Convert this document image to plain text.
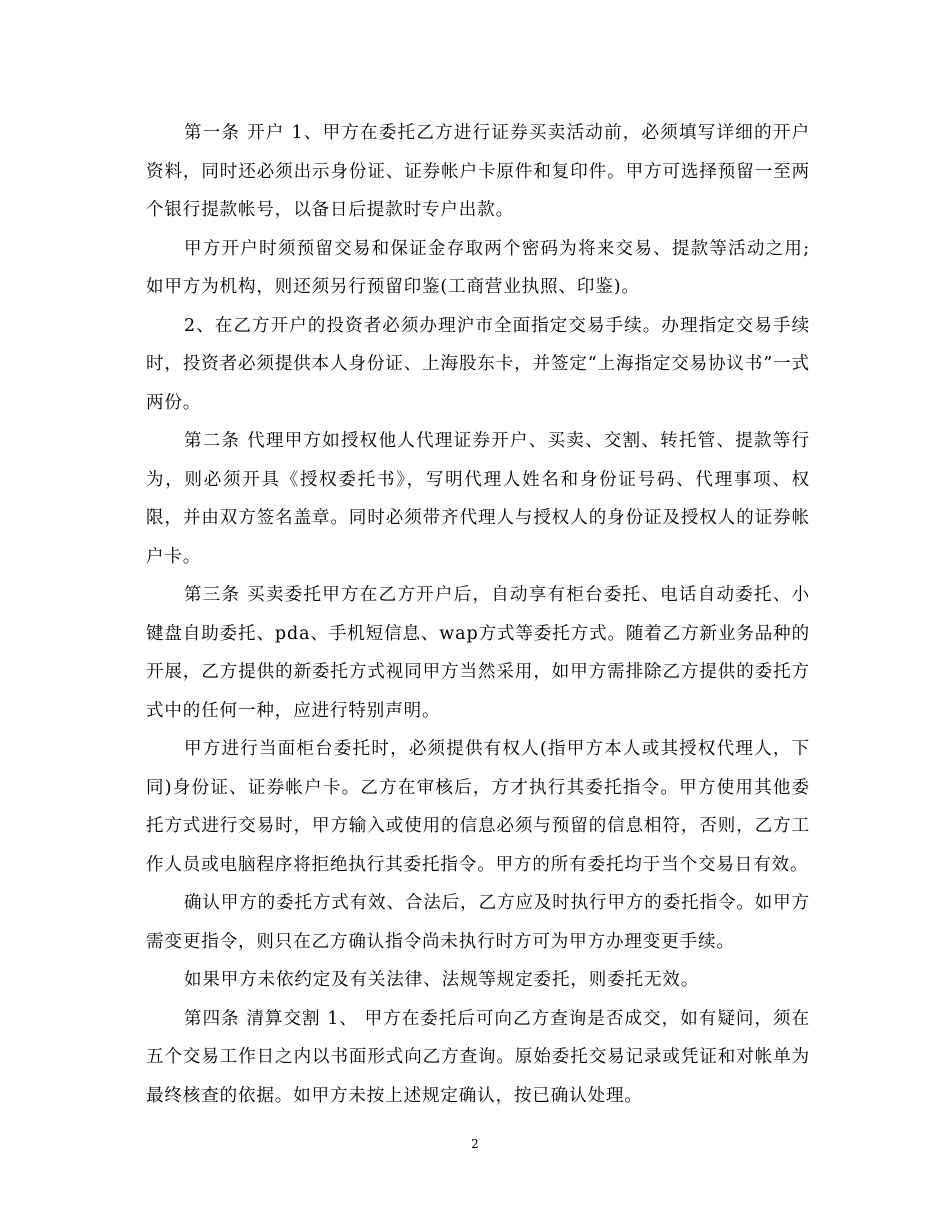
第一条 开户 1、甲方在委托乙方进行证券买卖活动前，必须填写详细的开户资料，同时还必须出示身份证、证券帐户卡原件和复印件。甲方可选择预留一至两个银行提款帐号，以备日后提款时专户出款。

甲方开户时须预留交易和保证金存取两个密码为将来交易、提款等活动之用;如甲方为机构，则还须另行预留印鉴(工商营业执照、印鉴)。

2、在乙方开户的投资者必须办理沪市全面指定交易手续。办理指定交易手续时，投资者必须提供本人身份证、上海股东卡，并签定“上海指定交易协议书”一式两份。

第二条 代理甲方如授权他人代理证券开户、买卖、交割、转托管、提款等行为，则必须开具《授权委托书》，写明代理人姓名和身份证号码、代理事项、权限，并由双方签名盖章。同时必须带齐代理人与授权人的身份证及授权人的证券帐户卡。

第三条 买卖委托甲方在乙方开户后，自动享有柜台委托、电话自动委托、小键盘自助委托、pda、手机短信息、wap方式等委托方式。随着乙方新业务品种的开展，乙方提供的新委托方式视同甲方当然采用，如甲方需排除乙方提供的委托方式中的任何一种，应进行特别声明。

甲方进行当面柜台委托时，必须提供有权人(指甲方本人或其授权代理人，下同)身份证、证券帐户卡。乙方在审核后，方才执行其委托指令。甲方使用其他委托方式进行交易时，甲方输入或使用的信息必须与预留的信息相符，否则，乙方工作人员或电脑程序将拒绝执行其委托指令。甲方的所有委托均于当个交易日有效。

确认甲方的委托方式有效、合法后，乙方应及时执行甲方的委托指令。如甲方需变更指令，则只在乙方确认指令尚未执行时方可为甲方办理变更手续。

如果甲方未依约定及有关法律、法规等规定委托，则委托无效。

第四条 清算交割 1、 甲方在委托后可向乙方查询是否成交，如有疑问，须在五个交易工作日之内以书面形式向乙方查询。原始委托交易记录或凭证和对帐单为最终核查的依据。如甲方未按上述规定确认，按已确认处理。

2
